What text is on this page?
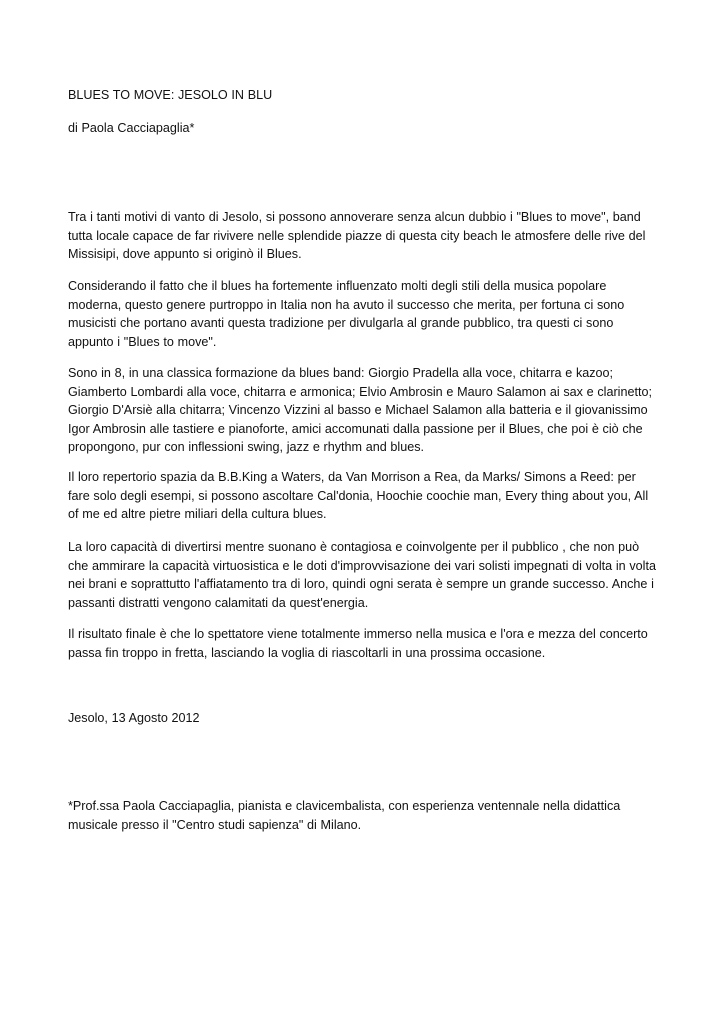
BLUES TO MOVE: JESOLO IN BLU

di Paola Cacciapaglia*

Tra i tanti motivi di vanto di Jesolo, si possono annoverare senza alcun dubbio i "Blues to move", band tutta locale capace de far rivivere nelle splendide piazze di questa city beach le atmosfere delle rive del Missisipi, dove appunto si originò il Blues.

Considerando il fatto che il blues ha fortemente influenzato molti degli stili della musica popolare moderna, questo genere purtroppo in Italia non ha avuto il successo che merita, per fortuna ci sono musicisti che portano avanti questa tradizione per divulgarla al grande pubblico, tra questi ci sono appunto i "Blues to move".

Sono in 8, in una classica formazione da blues band: Giorgio Pradella alla voce, chitarra e kazoo; Giamberto Lombardi alla voce, chitarra e armonica; Elvio Ambrosin e Mauro Salamon ai sax e clarinetto; Giorgio D'Arsiè alla chitarra; Vincenzo Vizzini al basso e Michael Salamon alla batteria e il giovanissimo Igor Ambrosin alle tastiere e pianoforte, amici accomunati dalla passione per il Blues, che poi è ciò che propongono, pur con inflessioni swing, jazz e rhythm and blues.

Il loro repertorio spazia da B.B.King a Waters, da Van Morrison a Rea, da Marks/ Simons a Reed: per fare solo degli esempi, si possono ascoltare Cal'donia, Hoochie coochie man, Every thing about you, All of me ed altre pietre miliari della cultura blues.

La loro capacità di divertirsi mentre suonano è contagiosa e coinvolgente per il pubblico , che non può che ammirare la capacità virtuosistica e le doti d'improvvisazione dei vari solisti impegnati di volta in volta nei brani e soprattutto l'affiatamento tra di loro, quindi ogni serata è sempre un grande successo. Anche i passanti distratti vengono calamitati da quest'energia.

Il risultato finale è che lo spettatore viene totalmente immerso nella musica e l'ora e mezza del concerto passa fin troppo in fretta, lasciando la voglia di riascoltarli in una prossima occasione.

Jesolo, 13 Agosto 2012

*Prof.ssa Paola Cacciapaglia, pianista e clavicembalista, con esperienza ventennale nella didattica musicale presso il "Centro studi sapienza" di Milano.
